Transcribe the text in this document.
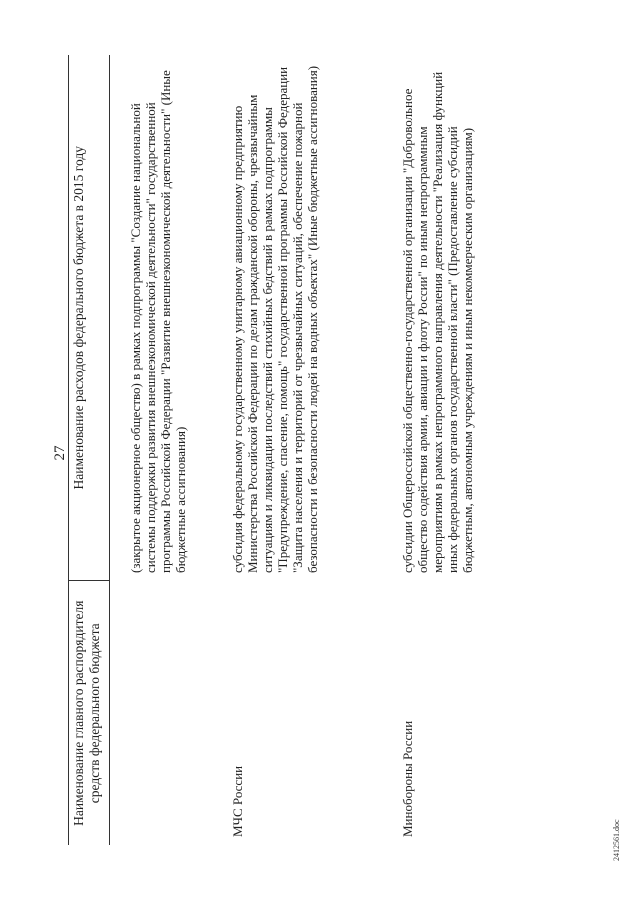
27
Наименование главного распорядителя средств федерального бюджета	Наименование расходов федерального бюджета в 2015 году
	(закрытое акционерное общество) в рамках подпрограммы "Создание национальной системы поддержки развития внешнеэкономической деятельности" государственной программы Российской Федерации "Развитие внешнеэкономической деятельности" (Иные бюджетные ассигнования)
МЧС России	субсидия федеральному государственному унитарному авиационному предприятию Министерства Российской Федерации по делам гражданской обороны, чрезвычайным ситуациям и ликвидации последствий стихийных бедствий в рамках подпрограммы "Предупреждение, спасение, помощь" государственной программы Российской Федерации "Защита населения и территорий от чрезвычайных ситуаций, обеспечение пожарной безопасности и безопасности людей на водных объектах" (Иные бюджетные ассигнования)
Минобороны России	субсидии Общероссийской общественно-государственной организации "Добровольное общество содействия армии, авиации и флоту России" по иным непрограммным мероприятиям в рамках непрограммного направления деятельности "Реализация функций иных федеральных органов государственной власти" (Предоставление субсидий бюджетным, автономным учреждениям и иным некоммерческим организациям)
2412561.doc
